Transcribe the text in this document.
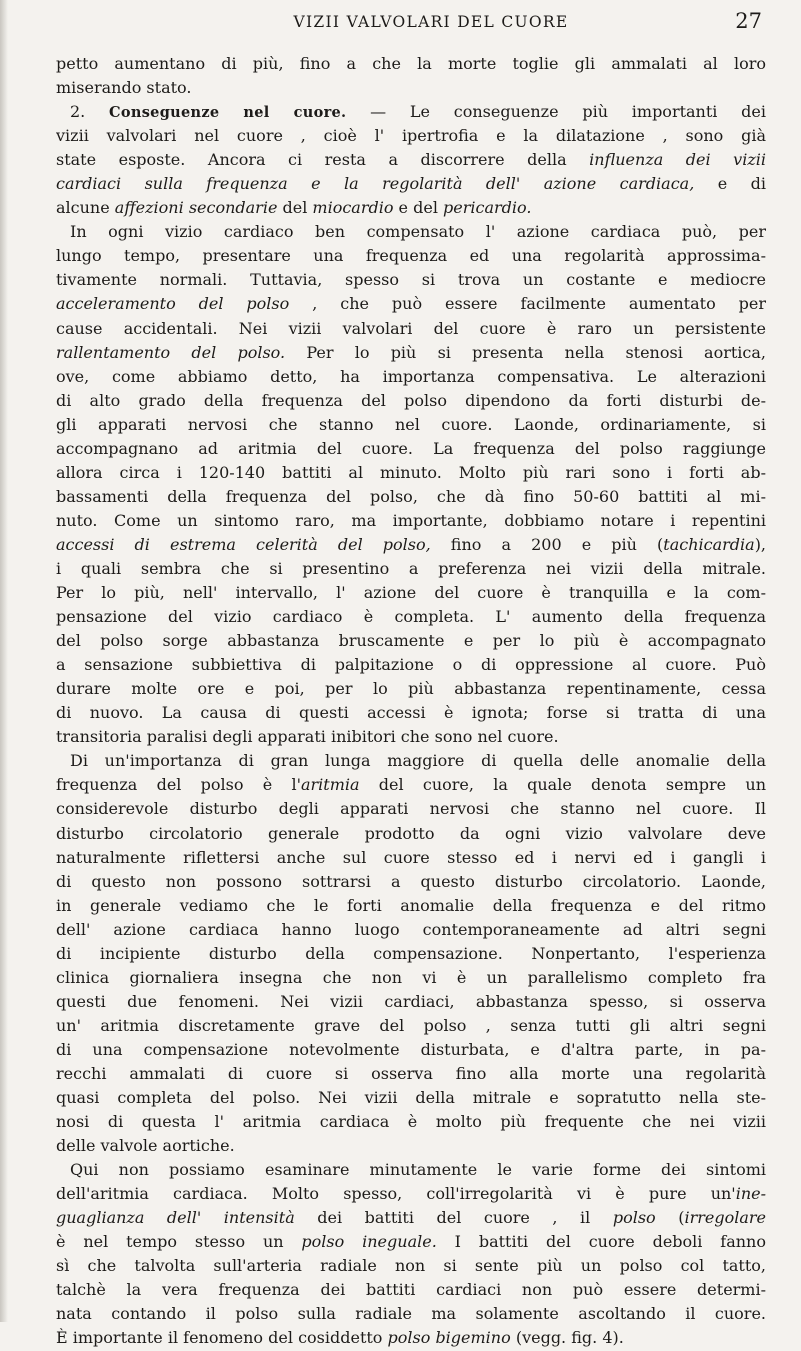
VIZII VALVOLARI DEL CUORE	27
petto aumentano di più, fino a che la morte toglie gli ammalati al loro
miserando stato.
2. Conseguenze nel cuore. — Le conseguenze più importanti dei
vizii valvolari nel cuore , cioè l' ipertrofia e la dilatazione , sono già
state esposte. Ancora ci resta a discorrere della influenza dei vizii
cardiaci sulla frequenza e la regolarità dell' azione cardiaca, e di
alcune affezioni secondarie del miocardio e del pericardio.
In ogni vizio cardiaco ben compensato l' azione cardiaca può, per
lungo tempo, presentare una frequenza ed una regolarità approssima-
tivamente normali. Tuttavia, spesso si trova un costante e mediocre
acceleramento del polso , che può essere facilmente aumentato per
cause accidentali. Nei vizii valvolari del cuore è raro un persistente
rallentamento del polso. Per lo più si presenta nella stenosi aortica,
ove, come abbiamo detto, ha importanza compensativa. Le alterazioni
di alto grado della frequenza del polso dipendono da forti disturbi de-
gli apparati nervosi che stanno nel cuore. Laonde, ordinariamente, si
accompagnano ad aritmia del cuore. La frequenza del polso raggiunge
allora circa i 120-140 battiti al minuto. Molto più rari sono i forti ab-
bassamenti della frequenza del polso, che dà fino 50-60 battiti al mi-
nuto. Come un sintomo raro, ma importante, dobbiamo notare i repentini
accessi di estrema celerità del polso, fino a 200 e più (tachicardia),
i quali sembra che si presentino a preferenza nei vizii della mitrale.
Per lo più, nell' intervallo, l' azione del cuore è tranquilla e la com-
pensazione del vizio cardiaco è completa. L' aumento della frequenza
del polso sorge abbastanza bruscamente e per lo più è accompagnato
a sensazione subbiettiva di palpitazione o di oppressione al cuore. Può
durare molte ore e poi, per lo più abbastanza repentinamente, cessa
di nuovo. La causa di questi accessi è ignota; forse si tratta di una
transitoria paralisi degli apparati inibitori che sono nel cuore.
Di un'importanza di gran lunga maggiore di quella delle anomalie della
frequenza del polso è l'aritmia del cuore, la quale denota sempre un
considerevole disturbo degli apparati nervosi che stanno nel cuore. Il
disturbo circolatorio generale prodotto da ogni vizio valvolare deve
naturalmente riflettersi anche sul cuore stesso ed i nervi ed i gangli i
di questo non possono sottrarsi a questo disturbo circolatorio. Laonde,
in generale vediamo che le forti anomalie della frequenza e del ritmo
dell' azione cardiaca hanno luogo contemporaneamente ad altri segni
di incipiente disturbo della compensazione. Nonpertanto, l'esperienza
clinica giornaliera insegna che non vi è un parallelismo completo fra
questi due fenomeni. Nei vizii cardiaci, abbastanza spesso, si osserva
un' aritmia discretamente grave del polso , senza tutti gli altri segni
di una compensazione notevolmente disturbata, e d'altra parte, in pa-
recchi ammalati di cuore si osserva fino alla morte una regolarità
quasi completa del polso. Nei vizii della mitrale e sopratutto nella ste-
nosi di questa l' aritmia cardiaca è molto più frequente che nei vizii
delle valvole aortiche.
Qui non possiamo esaminare minutamente le varie forme dei sintomi
dell'aritmia cardiaca. Molto spesso, coll'irregolarità vi è pure un'ine-
guaglianza dell' intensità dei battiti del cuore , il polso (irregolare
è nel tempo stesso un polso ineguale. I battiti del cuore deboli fanno
sì che talvolta sull'arteria radiale non si sente più un polso col tatto,
talchè la vera frequenza dei battiti cardiaci non può essere determi-
nata contando il polso sulla radiale ma solamente ascoltando il cuore.
È importante il fenomeno del cosiddetto polso bigemino (vegg. fig. 4).
